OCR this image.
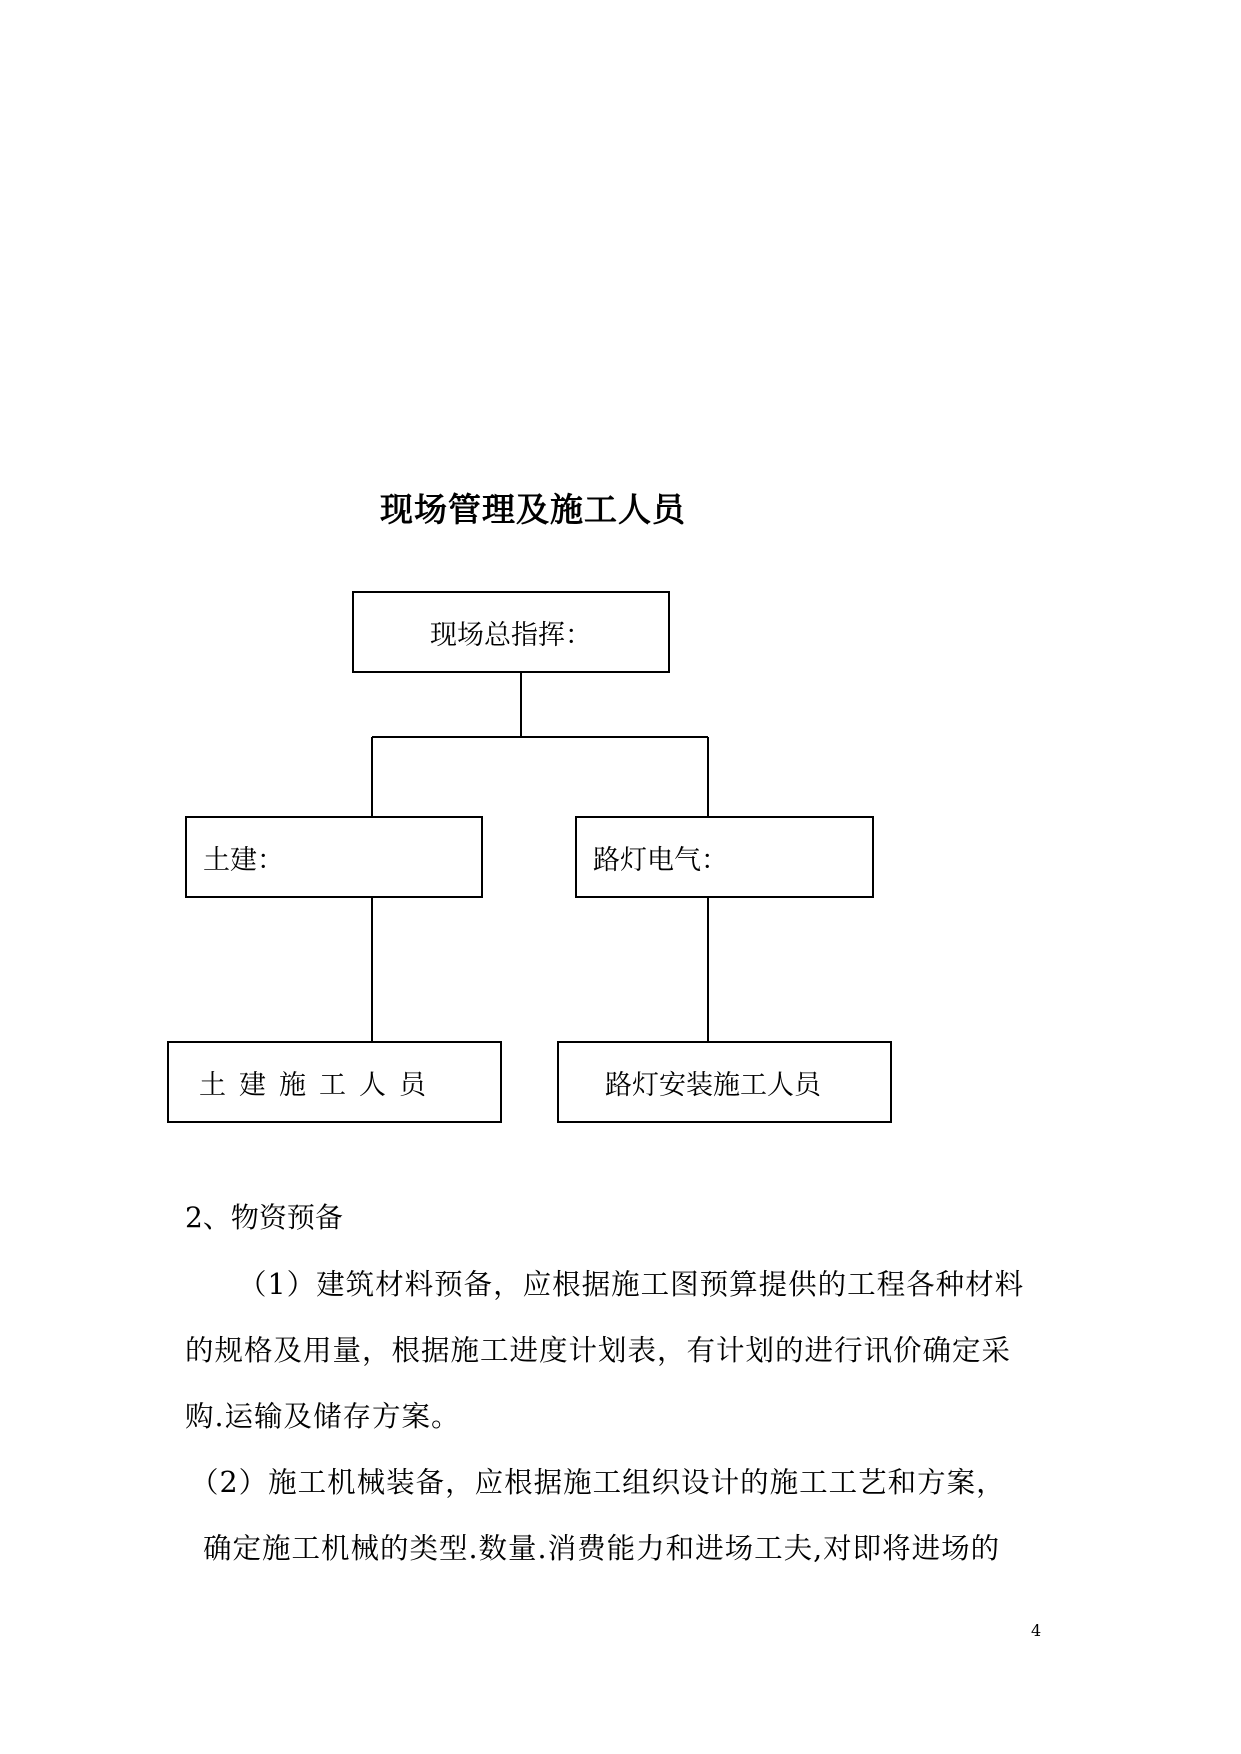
现场管理及施工人员
现场总指挥：
土建：	路灯电气：
土建施工人员	路灯安装施工人员
2、物资预备
（1）建筑材料预备，应根据施工图预算提供的工程各种材料
的规格及用量，根据施工进度计划表，有计划的进行讯价确定采
购.运输及储存方案。
（2）施工机械装备，应根据施工组织设计的施工工艺和方案，
确定施工机械的类型.数量.消费能力和进场工夫,对即将进场的
4
